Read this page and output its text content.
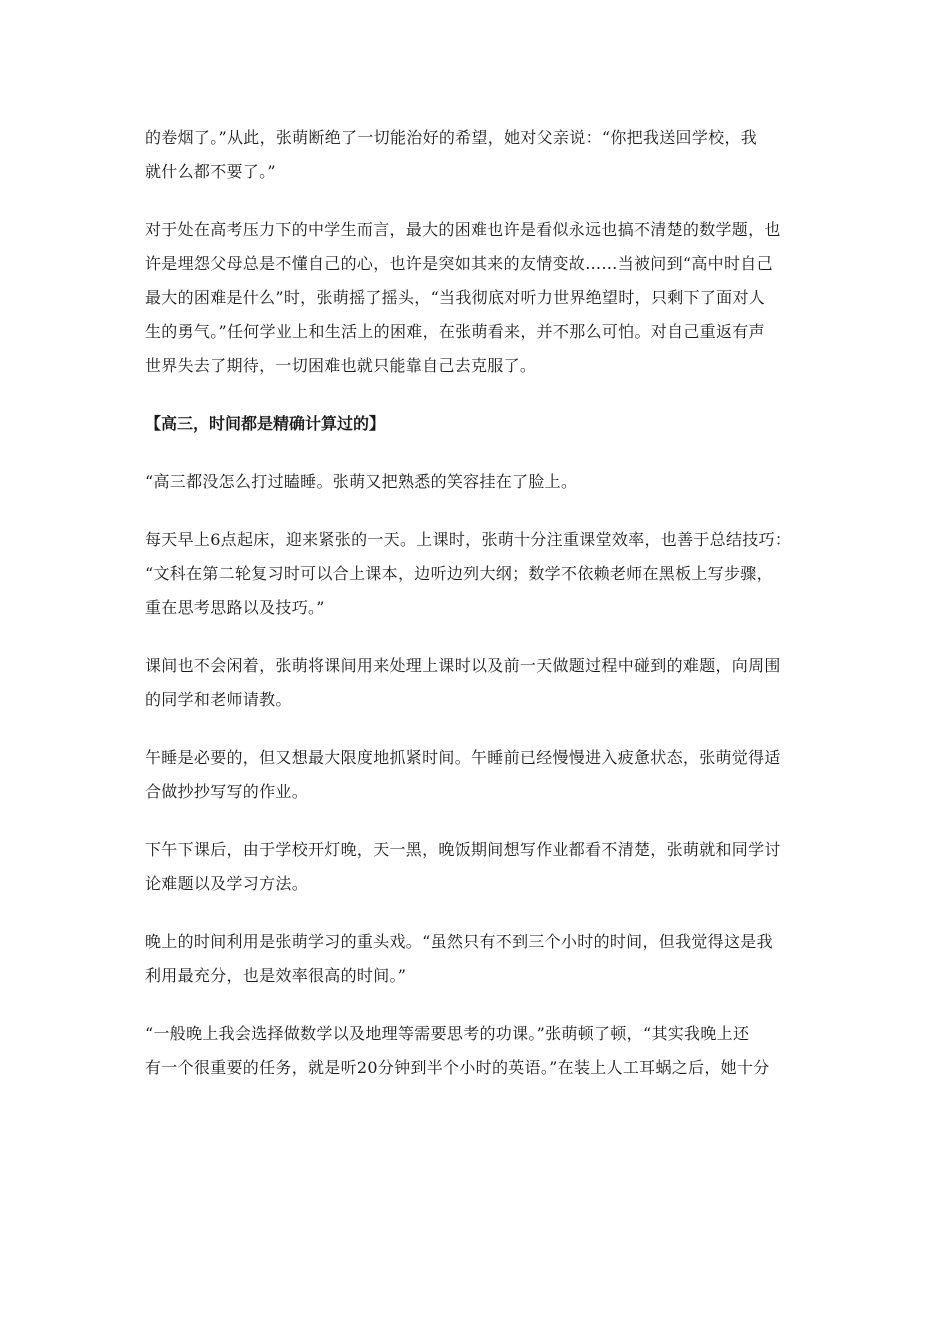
的卷烟了。”从此，张萌断绝了一切能治好的希望，她对父亲说：“你把我送回学校，我
就什么都不要了。”

对于处在高考压力下的中学生而言，最大的困难也许是看似永远也搞不清楚的数学题，也
许是埋怨父母总是不懂自己的心，也许是突如其来的友情变故……当被问到“高中时自己
最大的困难是什么”时，张萌摇了摇头，“当我彻底对听力世界绝望时，只剩下了面对人
生的勇气。”任何学业上和生活上的困难，在张萌看来，并不那么可怕。对自己重返有声
世界失去了期待，一切困难也就只能靠自己去克服了。

【高三，时间都是精确计算过的】

“高三都没怎么打过瞌睡。张萌又把熟悉的笑容挂在了脸上。

每天早上6点起床，迎来紧张的一天。上课时，张萌十分注重课堂效率，也善于总结技巧：
“文科在第二轮复习时可以合上课本，边听边列大纲；数学不依赖老师在黑板上写步骤，
重在思考思路以及技巧。”

课间也不会闲着，张萌将课间用来处理上课时以及前一天做题过程中碰到的难题，向周围
的同学和老师请教。

午睡是必要的，但又想最大限度地抓紧时间。午睡前已经慢慢进入疲惫状态，张萌觉得适
合做抄抄写写的作业。

下午下课后，由于学校开灯晚，天一黑，晚饭期间想写作业都看不清楚，张萌就和同学讨
论难题以及学习方法。

晚上的时间利用是张萌学习的重头戏。“虽然只有不到三个小时的时间，但我觉得这是我
利用最充分，也是效率很高的时间。”

“一般晚上我会选择做数学以及地理等需要思考的功课。”张萌顿了顿，“其实我晚上还
有一个很重要的任务，就是听20分钟到半个小时的英语。”在装上人工耳蜗之后，她十分
